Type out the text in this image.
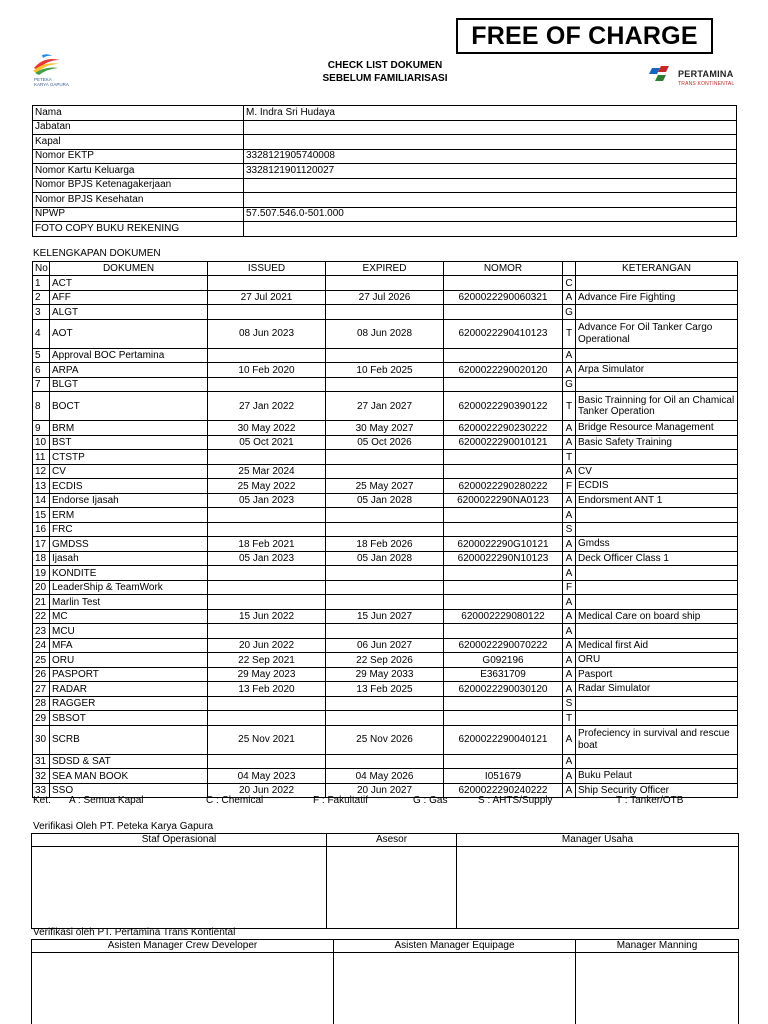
FREE OF CHARGE
PETEKA
KARYA GAPURA
CHECK LIST DOKUMEN
SEBELUM FAMILIARISASI	PERTAMINA
TRANS KONTINENTAL
Nama	M. Indra Sri Hudaya
Jabatan	
Kapal	
Nomor EKTP	3328121905740008
Nomor Kartu Keluarga	3328121901120027
Nomor BPJS Ketenagakerjaan	
Nomor BPJS Kesehatan	
NPWP	57.507.546.0-501.000
FOTO COPY BUKU REKENING	
KELENGKAPAN DOKUMEN
No	DOKUMEN	ISSUED	EXPIRED	NOMOR		KETERANGAN
1	ACT				C	
2	AFF	27 Jul 2021	27 Jul 2026	6200022290060321	A	Advance Fire Fighting
3	ALGT				G	
4	AOT	08 Jun 2023	08 Jun 2028	6200022290410123	T	Advance For Oil Tanker Cargo Operational
5	Approval BOC Pertamina				A	
6	ARPA	10 Feb 2020	10 Feb 2025	6200022290020120	A	Arpa Simulator
7	BLGT				G	
8	BOCT	27 Jan 2022	27 Jan 2027	6200022290390122	T	Basic Trainning for Oil an Chamical Tanker Operation
9	BRM	30 May 2022	30 May 2027	6200022290230222	A	Bridge Resource Management
10	BST	05 Oct 2021	05 Oct 2026	6200022290010121	A	Basic Safety Training
11	CTSTP				T	
12	CV	25 Mar 2024			A	CV
13	ECDIS	25 May 2022	25 May 2027	6200022290280222	F	ECDIS
14	Endorse Ijasah	05 Jan 2023	05 Jan 2028	6200022290NA0123	A	Endorsment ANT 1
15	ERM				A	
16	FRC				S	
17	GMDSS	18 Feb 2021	18 Feb 2026	6200022290G10121	A	Gmdss
18	Ijasah	05 Jan 2023	05 Jan 2028	6200022290N10123	A	Deck Officer Class 1
19	KONDITE				A	
20	LeaderShip & TeamWork				F	
21	Marlin Test				A	
22	MC	15 Jun 2022	15 Jun 2027	620002229080122	A	Medical Care on board ship
23	MCU				A	
24	MFA	20 Jun 2022	06 Jun 2027	6200022290070222	A	Medical first Aid
25	ORU	22 Sep 2021	22 Sep 2026	G092196	A	ORU
26	PASPORT	29 May 2023	29 May 2033	E3631709	A	Pasport
27	RADAR	13 Feb 2020	13 Feb 2025	6200022290030120	A	Radar Simulator
28	RAGGER				S	
29	SBSOT				T	
30	SCRB	25 Nov 2021	25 Nov 2026	6200022290040121	A	Profeciency in survival and rescue boat
31	SDSD & SAT				A	
32	SEA MAN BOOK	04 May 2023	04 May 2026	I051679	A	Buku Pelaut
33	SSO	20 Jun 2022	20 Jun 2027	6200022290240222	A	Ship Security Officer
Ket. A : Semua Kapal	C : Chemical	F : Fakultatif	G : Gas	S : AHTS/Supply	T : Tanker/OTB
Verifikasi Oleh PT. Peteka Karya Gapura
Staf Operasional	Asesor	Manager Usaha

Verifikasi oleh PT. Pertamina Trans Kontiental
Asisten Manager Crew Developer	Asisten Manager Equipage	Manager Manning
